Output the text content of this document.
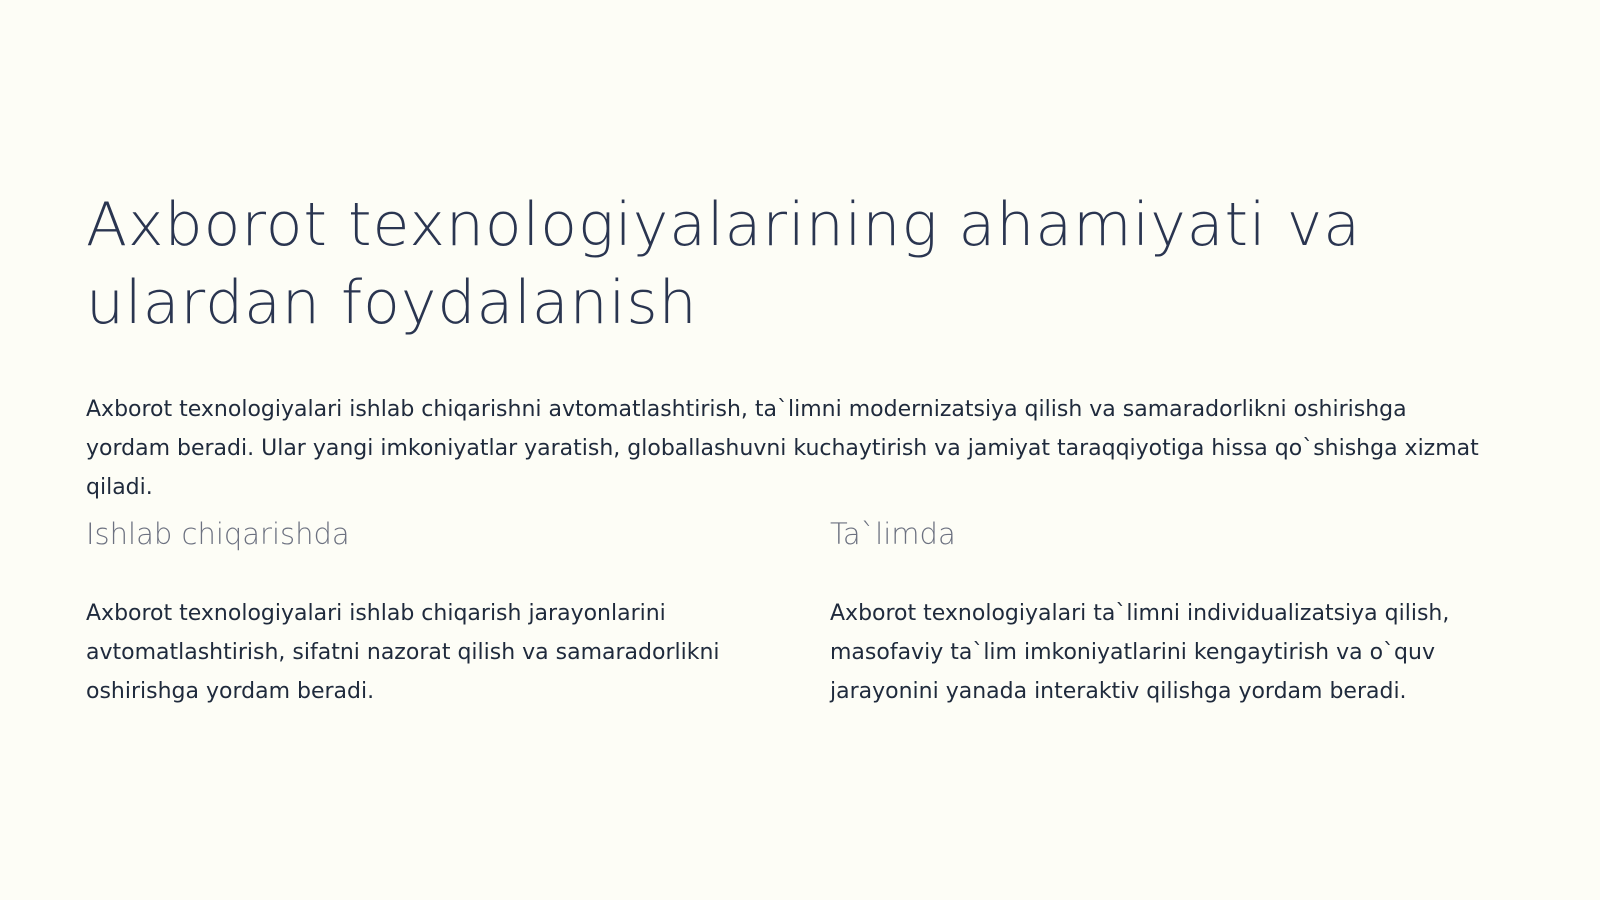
Axborot texnologiyalarining ahamiyati va ulardan foydalanish

Axborot texnologiyalari ishlab chiqarishni avtomatlashtirish, ta`limni modernizatsiya qilish va samaradorlikni oshirishga yordam beradi. Ular yangi imkoniyatlar yaratish, globallashuvni kuchaytirish va jamiyat taraqqiyotiga hissa qo`shishga xizmat qiladi.

Ishlab chiqarishda

Axborot texnologiyalari ishlab chiqarish jarayonlarini avtomatlashtirish, sifatni nazorat qilish va samaradorlikni oshirishga yordam beradi.

Ta`limda

Axborot texnologiyalari ta`limni individualizatsiya qilish, masofaviy ta`lim imkoniyatlarini kengaytirish va o`quv jarayonini yanada interaktiv qilishga yordam beradi.
